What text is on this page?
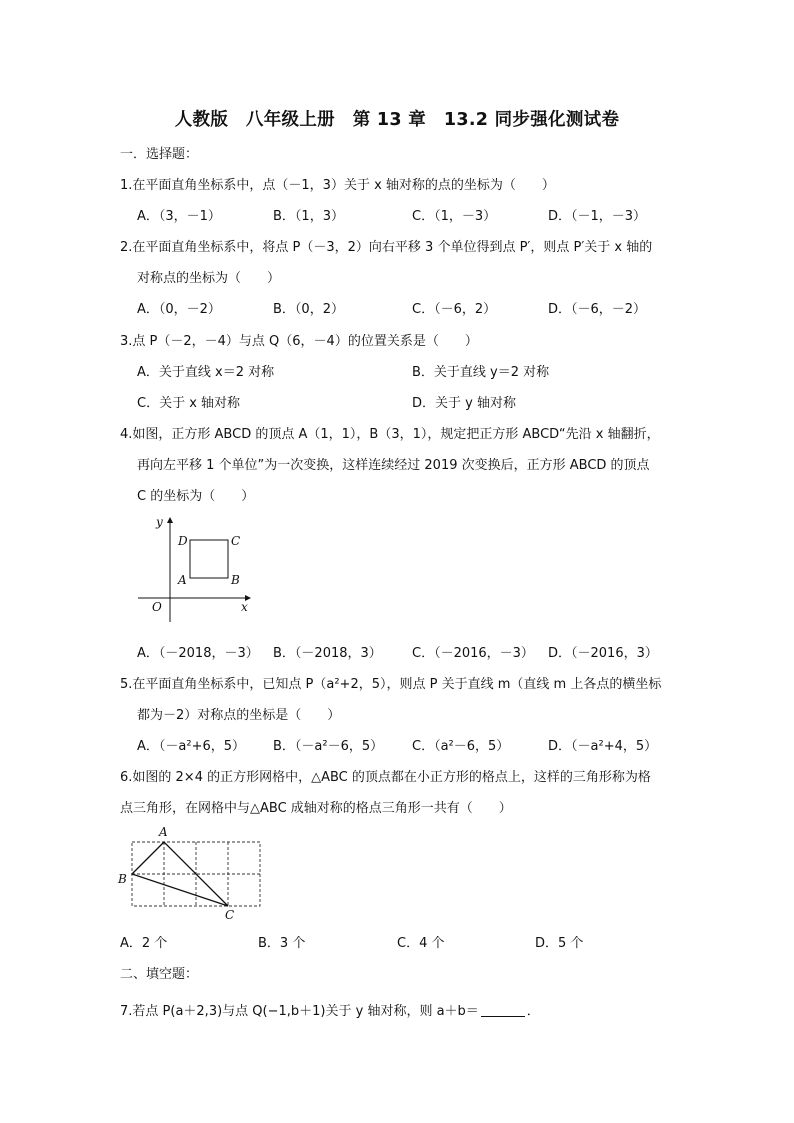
人教版　八年级上册　第 13 章　13.2 同步强化测试卷
一．选择题：
1.在平面直角坐标系中，点（－1，3）关于 x 轴对称的点的坐标为（　　）
A．（3，－1）	B．（1，3）	C．（1，－3）	D．（－1，－3）
2.在平面直角坐标系中，将点 P（－3，2）向右平移 3 个单位得到点 P′，则点 P′关于 x 轴的
对称点的坐标为（　　）
A．（0，－2）	B．（0，2）	C．（－6，2）	D．（－6，－2）
3.点 P（－2，－4）与点 Q（6，－4）的位置关系是（　　）
A．关于直线 x＝2 对称	B．关于直线 y＝2 对称
C．关于 x 轴对称	D．关于 y 轴对称
4.如图，正方形 ABCD 的顶点 A（1，1），B（3，1），规定把正方形 ABCD“先沿 x 轴翻折，
再向左平移 1 个单位”为一次变换，这样连续经过 2019 次变换后，正方形 ABCD 的顶点
C 的坐标为（　　）
y
x
O
D	C
A	B
A．（－2018，－3） B．（－2018，3） C．（－2016，－3） D．（－2016，3）
5.在平面直角坐标系中，已知点 P（a²+2，5），则点 P 关于直线 m（直线 m 上各点的横坐标
都为－2）对称点的坐标是（　　）
A．（－a²+6，5） B．（－a²－6，5） C．（a²－6，5）	D．（－a²+4，5）
6.如图的 2×4 的正方形网格中，△ABC 的顶点都在小正方形的格点上，这样的三角形称为格
点三角形，在网格中与△ABC 成轴对称的格点三角形一共有（　　）
A
B
C
A．2 个	B．3 个	C．4 个	D．5 个
二、填空题：
7.若点 P(a＋2,3)与点 Q(−1,b＋1)关于 y 轴对称，则 a＋b＝	．
